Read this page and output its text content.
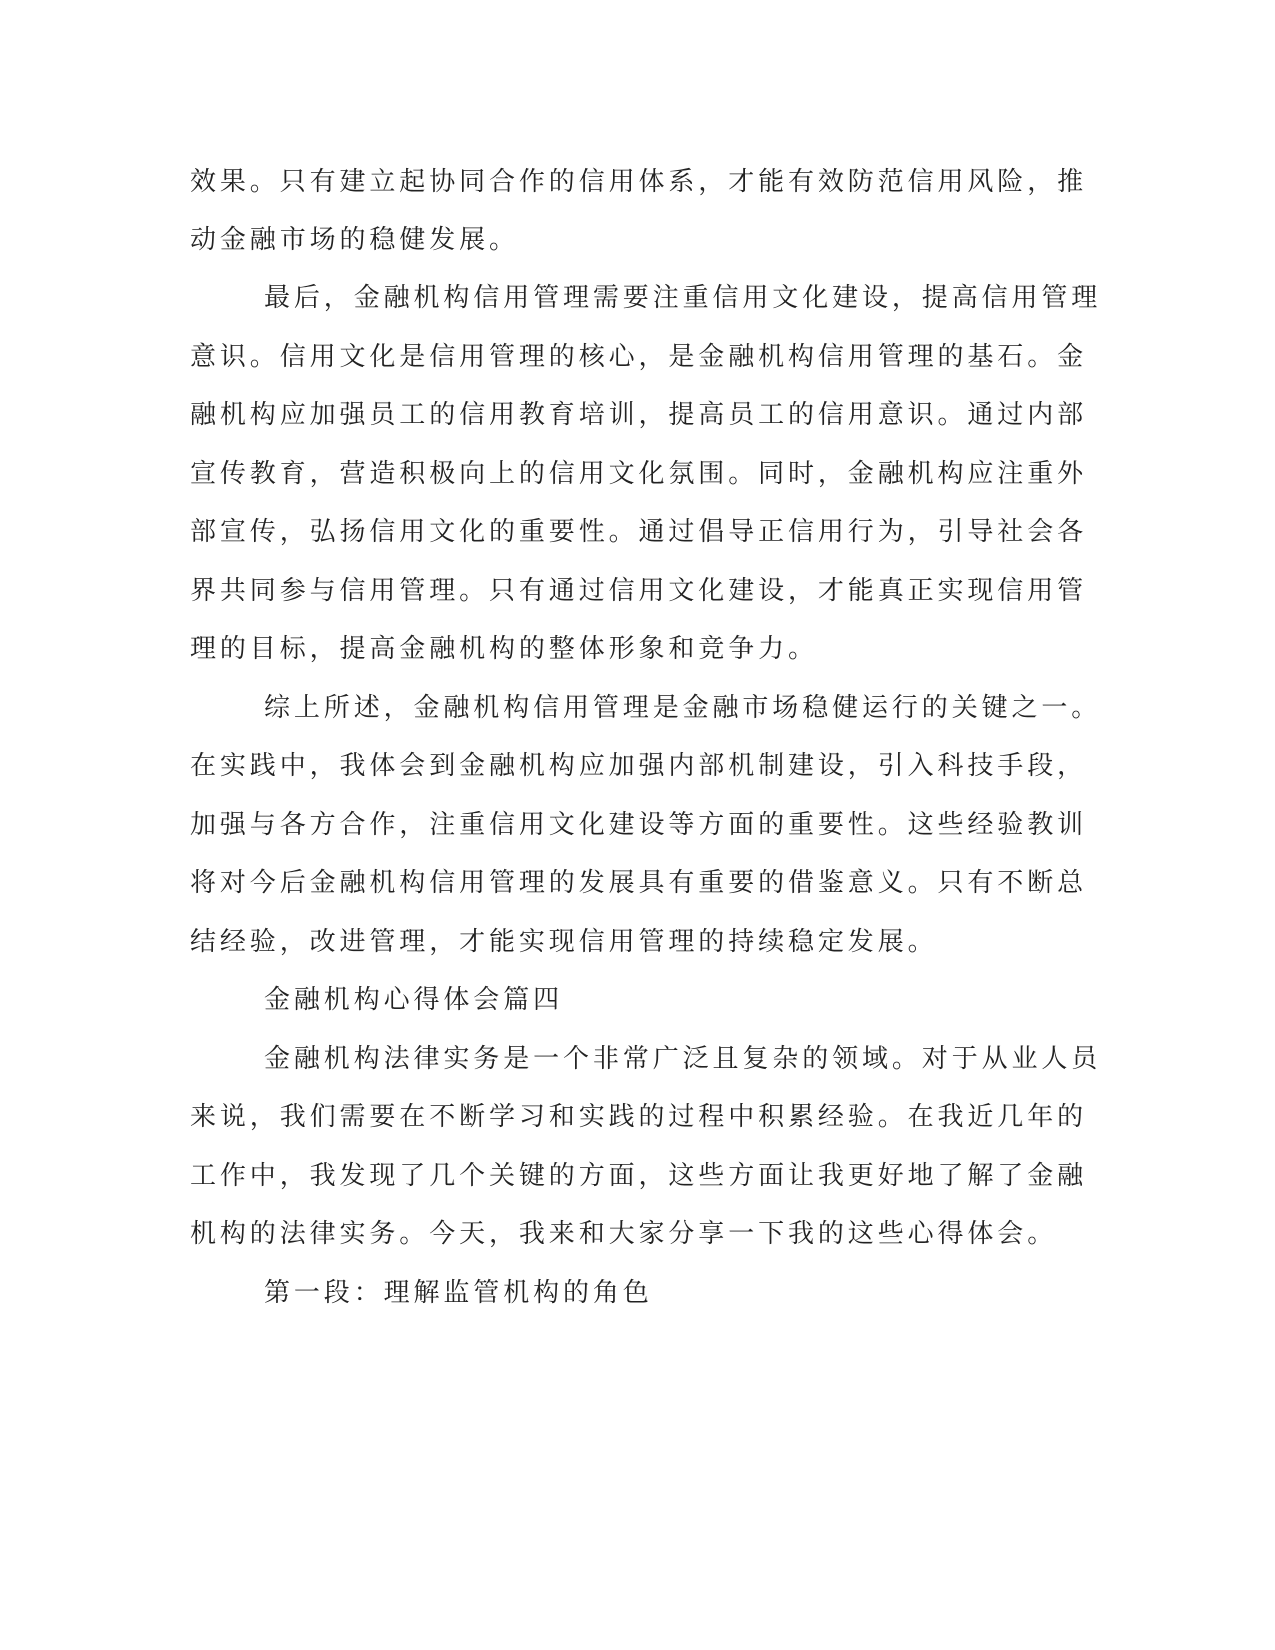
效果。只有建立起协同合作的信用体系，才能有效防范信用风险，推
动金融市场的稳健发展。
最后，金融机构信用管理需要注重信用文化建设，提高信用管理
意识。信用文化是信用管理的核心，是金融机构信用管理的基石。金
融机构应加强员工的信用教育培训，提高员工的信用意识。通过内部
宣传教育，营造积极向上的信用文化氛围。同时，金融机构应注重外
部宣传，弘扬信用文化的重要性。通过倡导正信用行为，引导社会各
界共同参与信用管理。只有通过信用文化建设，才能真正实现信用管
理的目标，提高金融机构的整体形象和竞争力。
综上所述，金融机构信用管理是金融市场稳健运行的关键之一。
在实践中，我体会到金融机构应加强内部机制建设，引入科技手段，
加强与各方合作，注重信用文化建设等方面的重要性。这些经验教训
将对今后金融机构信用管理的发展具有重要的借鉴意义。只有不断总
结经验，改进管理，才能实现信用管理的持续稳定发展。
金融机构心得体会篇四
金融机构法律实务是一个非常广泛且复杂的领域。对于从业人员
来说，我们需要在不断学习和实践的过程中积累经验。在我近几年的
工作中，我发现了几个关键的方面，这些方面让我更好地了解了金融
机构的法律实务。今天，我来和大家分享一下我的这些心得体会。
第一段：理解监管机构的角色
